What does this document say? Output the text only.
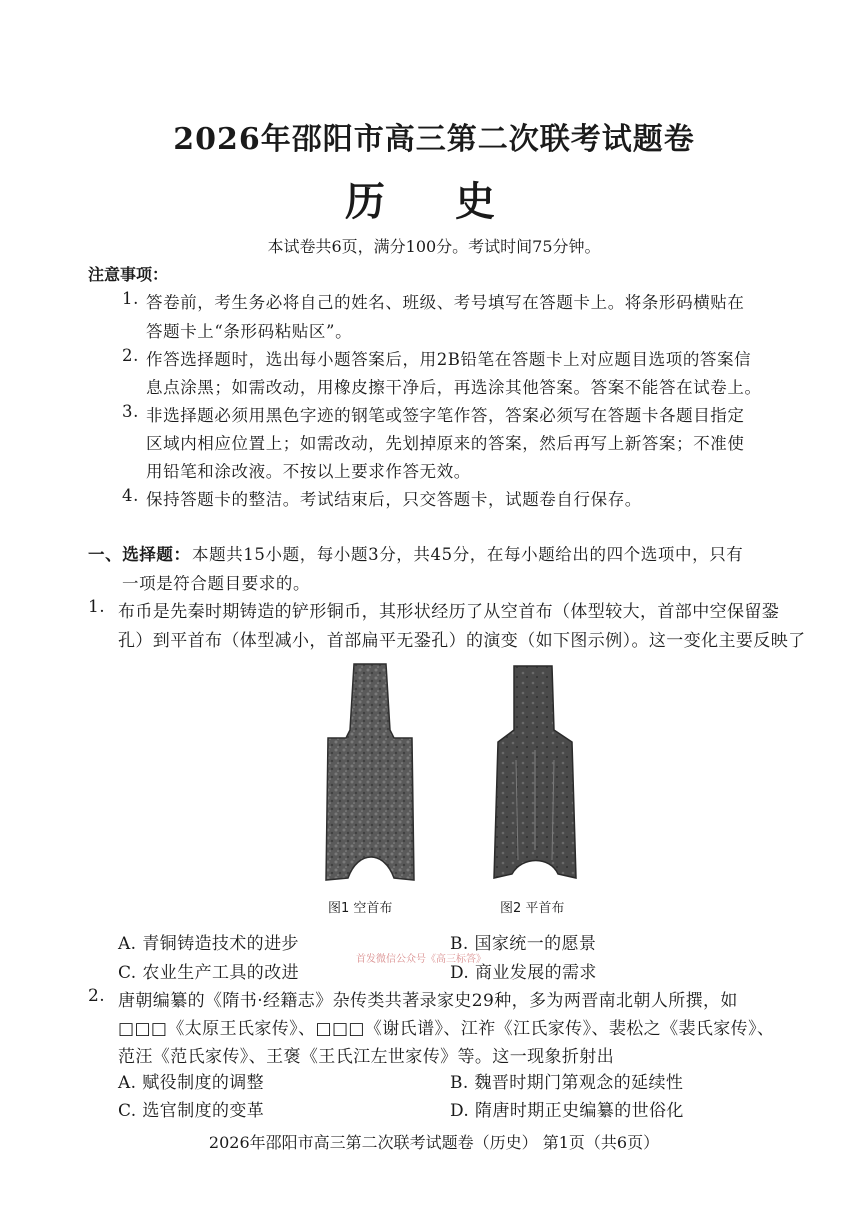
2026年邵阳市高三第二次联考试题卷
历 史
本试卷共6页，满分100分。考试时间75分钟。
注意事项：
1. 答卷前，考生务必将自己的姓名、班级、考号填写在答题卡上。将条形码横贴在
答题卡上“条形码粘贴区”。
2. 作答选择题时，选出每小题答案后，用2B铅笔在答题卡上对应题目选项的答案信
息点涂黑；如需改动，用橡皮擦干净后，再选涂其他答案。答案不能答在试卷上。
3. 非选择题必须用黑色字迹的钢笔或签字笔作答，答案必须写在答题卡各题目指定
区域内相应位置上；如需改动，先划掉原来的答案，然后再写上新答案；不准使
用铅笔和涂改液。不按以上要求作答无效。
4. 保持答题卡的整洁。考试结束后，只交答题卡，试题卷自行保存。
一、选择题： 本题共15小题，每小题3分，共45分，在每小题给出的四个选项中，只有
一项是符合题目要求的。
1. 布币是先秦时期铸造的铲形铜币，其形状经历了从空首布（体型较大，首部中空保留銎
孔）到平首布（体型减小，首部扁平无銎孔）的演变（如下图示例）。这一变化主要反映了
图1 空首布	图2 平首布
A. 青铜铸造技术的进步	B. 国家统一的愿景
首发微信公众号《高三标答》
C. 农业生产工具的改进	D. 商业发展的需求
2. 唐朝编纂的《隋书·经籍志》杂传类共著录家史29种，多为两晋南北朝人所撰，如
□□□《太原王氏家传》、□□□《谢氏谱》、江祚《江氏家传》、裴松之《裴氏家传》、
范汪《范氏家传》、王褒《王氏江左世家传》等。这一现象折射出
A. 赋役制度的调整	B. 魏晋时期门第观念的延续性
C. 选官制度的变革	D. 隋唐时期正史编纂的世俗化
2026年邵阳市高三第二次联考试题卷（历史） 第1页（共6页）
